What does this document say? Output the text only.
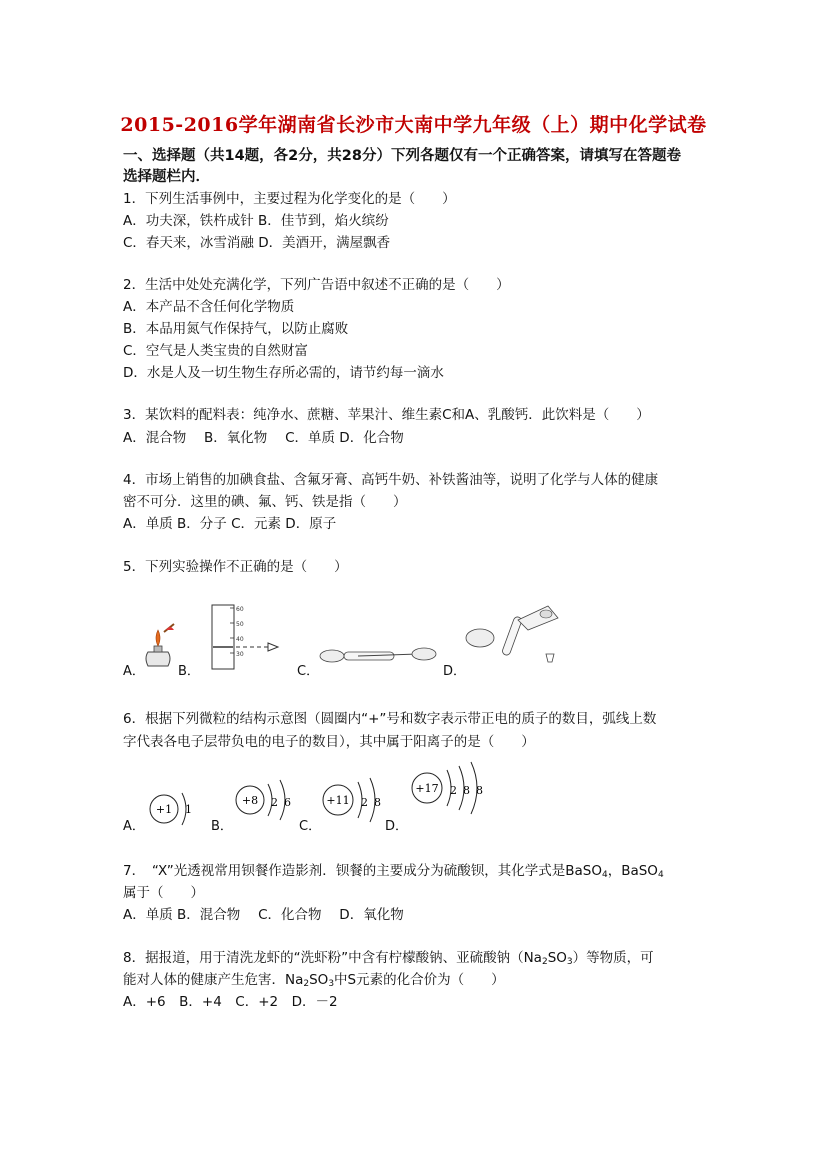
2015-2016学年湖南省长沙市大南中学九年级（上）期中化学试卷
一、选择题（共14题，各2分，共28分）下列各题仅有一个正确答案，请填写在答题卷
选择题栏内．
1．下列生活事例中，主要过程为化学变化的是（　　）
A．功夫深，铁杵成针 B．佳节到，焰火缤纷
C．春天来，冰雪消融 D．美酒开，满屋飘香
2．生活中处处充满化学，下列广告语中叙述不正确的是（　　）
A．本产品不含任何化学物质
B．本品用氮气作保持气，以防止腐败
C．空气是人类宝贵的自然财富
D．水是人及一切生物生存所必需的，请节约每一滴水
3．某饮料的配料表：纯净水、蔗糖、苹果汁、维生素C和A、乳酸钙．此饮料是（　　）
A．混合物　 B．氧化物　 C．单质 D．化合物
4．市场上销售的加碘食盐、含氟牙膏、高钙牛奶、补铁酱油等，说明了化学与人体的健康
密不可分．这里的碘、氟、钙、铁是指（　　）
A．单质 B．分子 C．元素 D．原子
5．下列实验操作不正确的是（　　）
A．	B．	C．	D．
60
50
40
30
6．根据下列微粒的结构示意图（圆圈内“+”号和数字表示带正电的质子的数目，弧线上数
字代表各电子层带负电的电子的数目），其中属于阳离子的是（　　）
A．	B．	C．	D．
+1 1
+8 2 6	+11 2 8
+17 2 8 8
7．　“X”光透视常用钡餐作造影剂．钡餐的主要成分为硫酸钡，其化学式是BaSO$_4$，BaSO$_4$
属于（　　）
A．单质 B．混合物　 C．化合物　 D．氧化物
8．据报道，用于清洗龙虾的“洗虾粉”中含有柠檬酸钠、亚硫酸钠$(Na_2SO_3)$等物质，可
能对人体的健康产生危害．$Na_2SO_3$中S元素的化合价为（　　）
A．+6　B．+4　C．+2　D．－2
